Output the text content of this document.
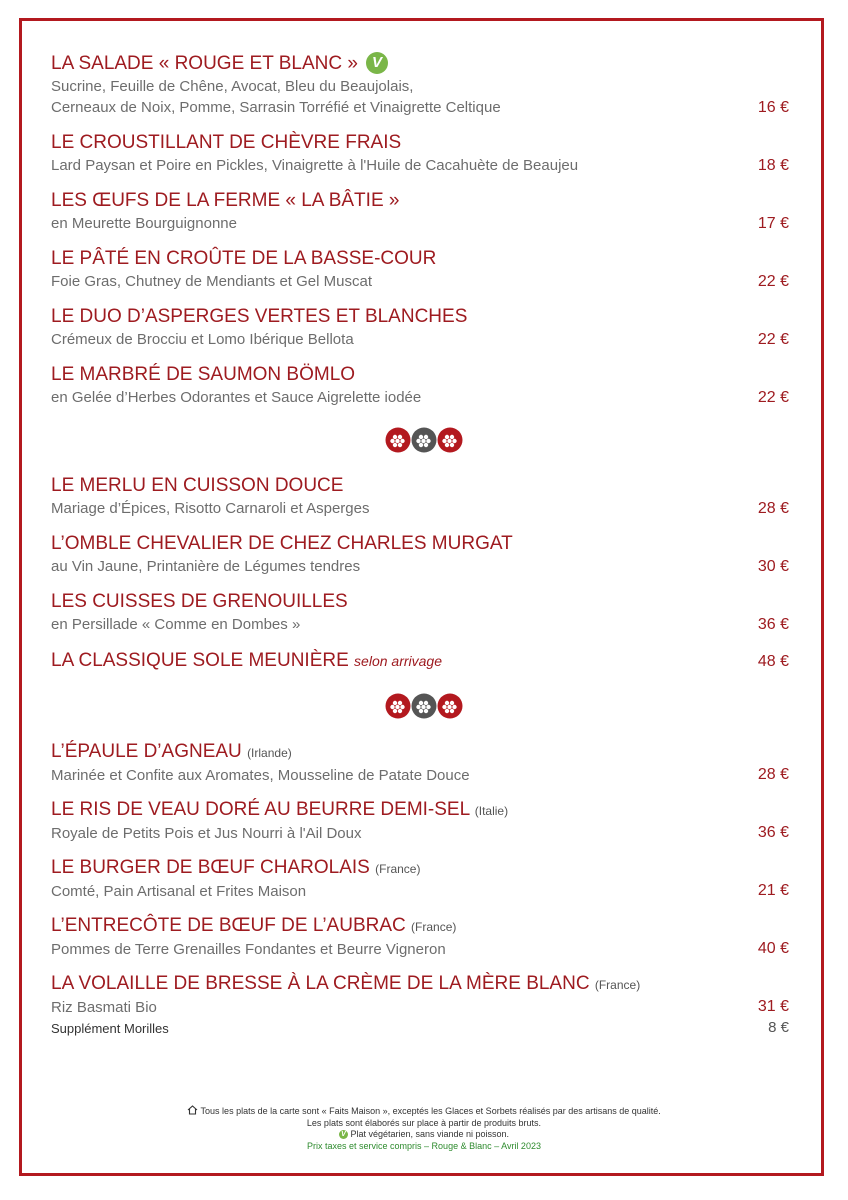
LA SALADE « ROUGE ET BLANC » V
Sucrine, Feuille de Chêne, Avocat, Bleu du Beaujolais,
Cerneaux de Noix, Pomme, Sarrasin Torréfié et Vinaigrette Celtique	16 €
LE CROUSTILLANT DE CHÈVRE FRAIS
Lard Paysan et Poire en Pickles, Vinaigrette à l'Huile de Cacahuète de Beaujeu	18 €
LES ŒUFS DE LA FERME « LA BÂTIE »
en Meurette Bourguignonne	17 €
LE PÂTÉ EN CROÛTE DE LA BASSE-COUR
Foie Gras, Chutney de Mendiants et Gel Muscat	22 €
LE DUO D’ASPERGES VERTES ET BLANCHES
Crémeux de Brocciu et Lomo Ibérique Bellota	22 €
LE MARBRÉ DE SAUMON BÖMLO
en Gelée d’Herbes Odorantes et Sauce Aigrelette iodée	22 €
LE MERLU EN CUISSON DOUCE
Mariage d’Épices, Risotto Carnaroli et Asperges	28 €
L’OMBLE CHEVALIER DE CHEZ CHARLES MURGAT
au Vin Jaune, Printanière de Légumes tendres	30 €
LES CUISSES DE GRENOUILLES
en Persillade « Comme en Dombes »	36 €
LA CLASSIQUE SOLE MEUNIÈRE selon arrivage	48 €
L’ÉPAULE D’AGNEAU (Irlande)
Marinée et Confite aux Aromates, Mousseline de Patate Douce	28 €
LE RIS DE VEAU DORÉ AU BEURRE DEMI-SEL (Italie)
Royale de Petits Pois et Jus Nourri à l'Ail Doux	36 €
LE BURGER DE BŒUF CHAROLAIS (France)
Comté, Pain Artisanal et Frites Maison	21 €
L’ENTRECÔTE DE BŒUF DE L’AUBRAC (France)
Pommes de Terre Grenailles Fondantes et Beurre Vigneron	40 €
LA VOLAILLE DE BRESSE À LA CRÈME DE LA MÈRE BLANC (France)
Riz Basmati Bio	31 €
Supplément Morilles	8 €
Tous les plats de la carte sont « Faits Maison », exceptés les Glaces et Sorbets réalisés par des artisans de qualité.
Les plats sont élaborés sur place à partir de produits bruts.
V Plat végétarien, sans viande ni poisson.
Prix taxes et service compris – Rouge & Blanc – Avril 2023
